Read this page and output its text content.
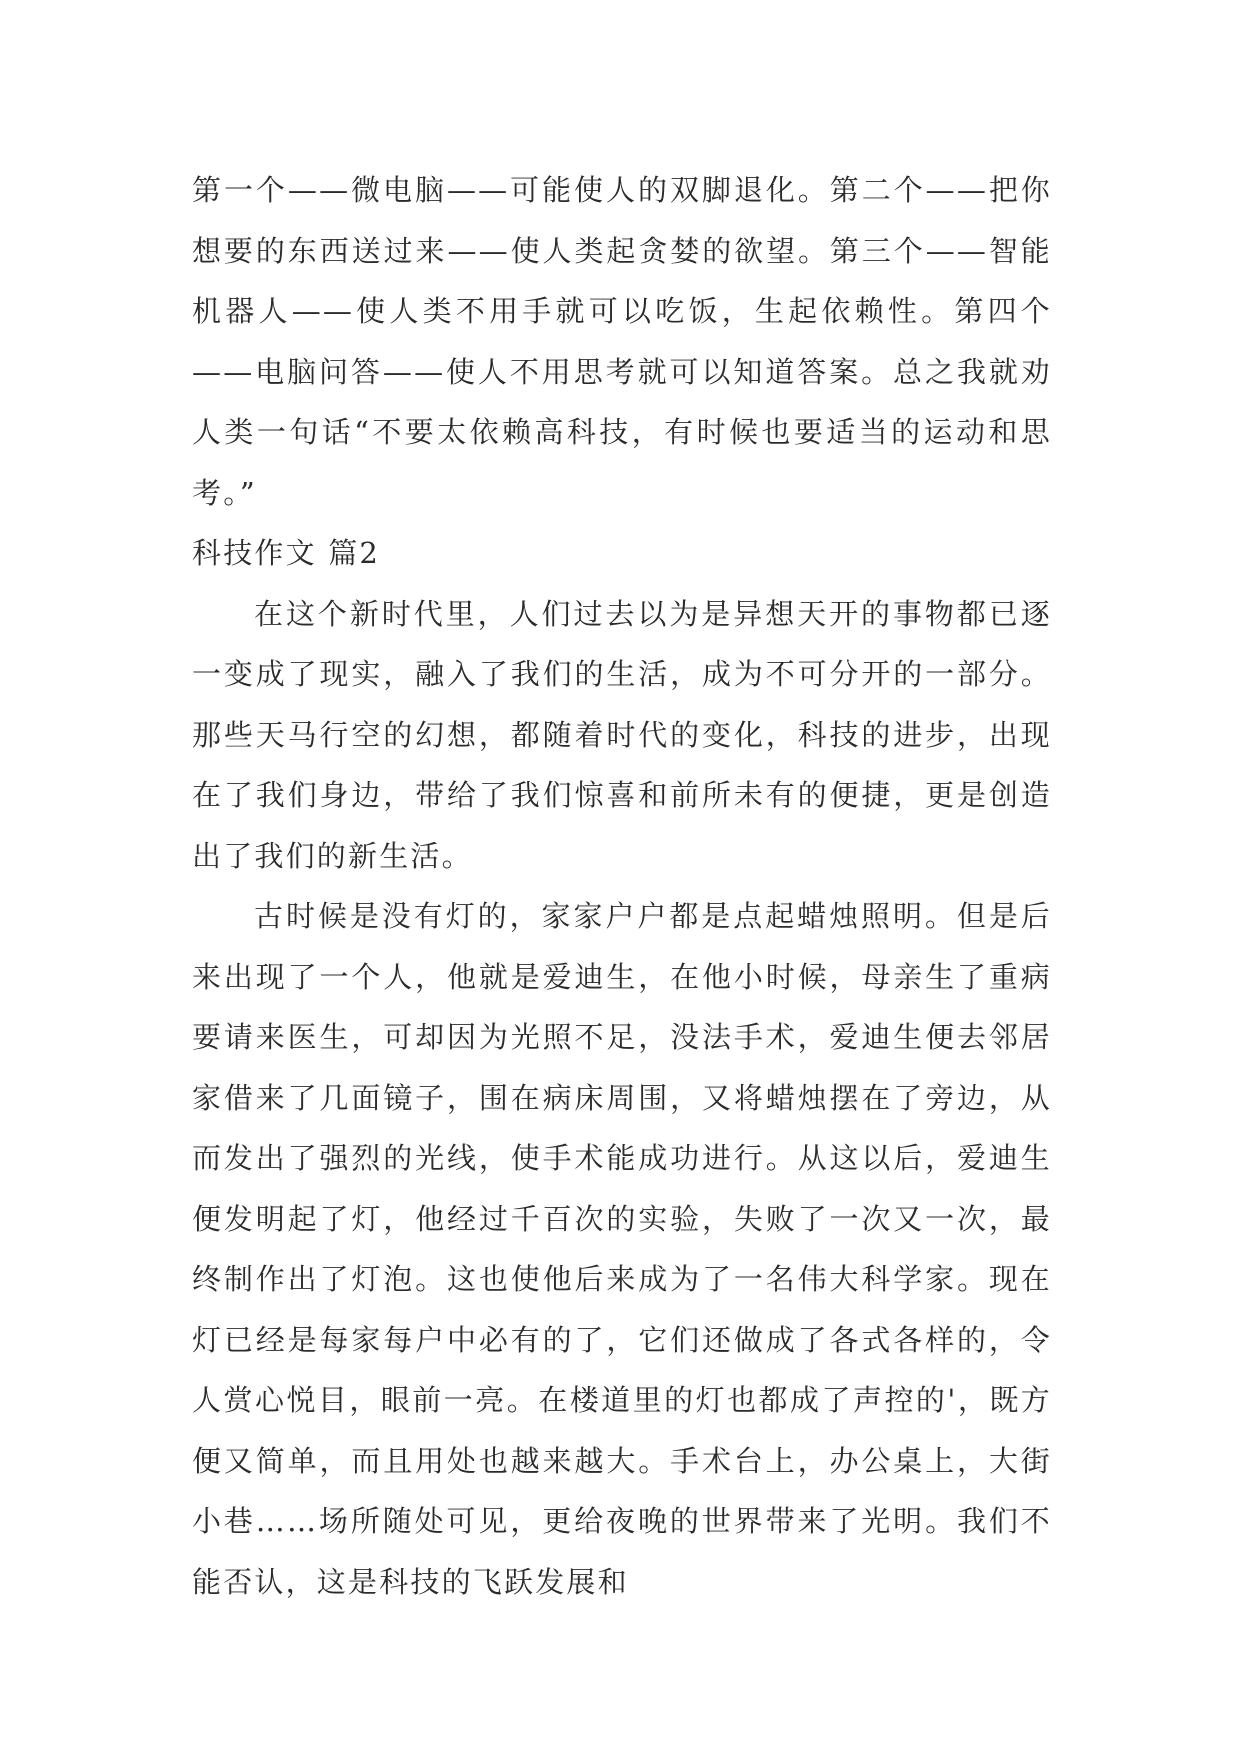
第一个——微电脑——可能使人的双脚退化。第二个——把你想要的东西送过来——使人类起贪婪的欲望。第三个——智能机器人——使人类不用手就可以吃饭，生起依赖性。第四个——电脑问答——使人不用思考就可以知道答案。总之我就劝人类一句话“不要太依赖高科技，有时候也要适当的运动和思考。”

科技作文 篇2

在这个新时代里，人们过去以为是异想天开的事物都已逐一变成了现实，融入了我们的生活，成为不可分开的一部分。那些天马行空的幻想，都随着时代的变化，科技的进步，出现在了我们身边，带给了我们惊喜和前所未有的便捷，更是创造出了我们的新生活。

古时候是没有灯的，家家户户都是点起蜡烛照明。但是后来出现了一个人，他就是爱迪生，在他小时候，母亲生了重病要请来医生，可却因为光照不足，没法手术，爱迪生便去邻居家借来了几面镜子，围在病床周围，又将蜡烛摆在了旁边，从而发出了强烈的光线，使手术能成功进行。从这以后，爱迪生便发明起了灯，他经过千百次的实验，失败了一次又一次，最终制作出了灯泡。这也使他后来成为了一名伟大科学家。现在灯已经是每家每户中必有的了，它们还做成了各式各样的，令人赏心悦目，眼前一亮。在楼道里的灯也都成了声控的'，既方便又简单，而且用处也越来越大。手术台上，办公桌上，大街小巷……场所随处可见，更给夜晚的世界带来了光明。我们不能否认，这是科技的飞跃发展和
